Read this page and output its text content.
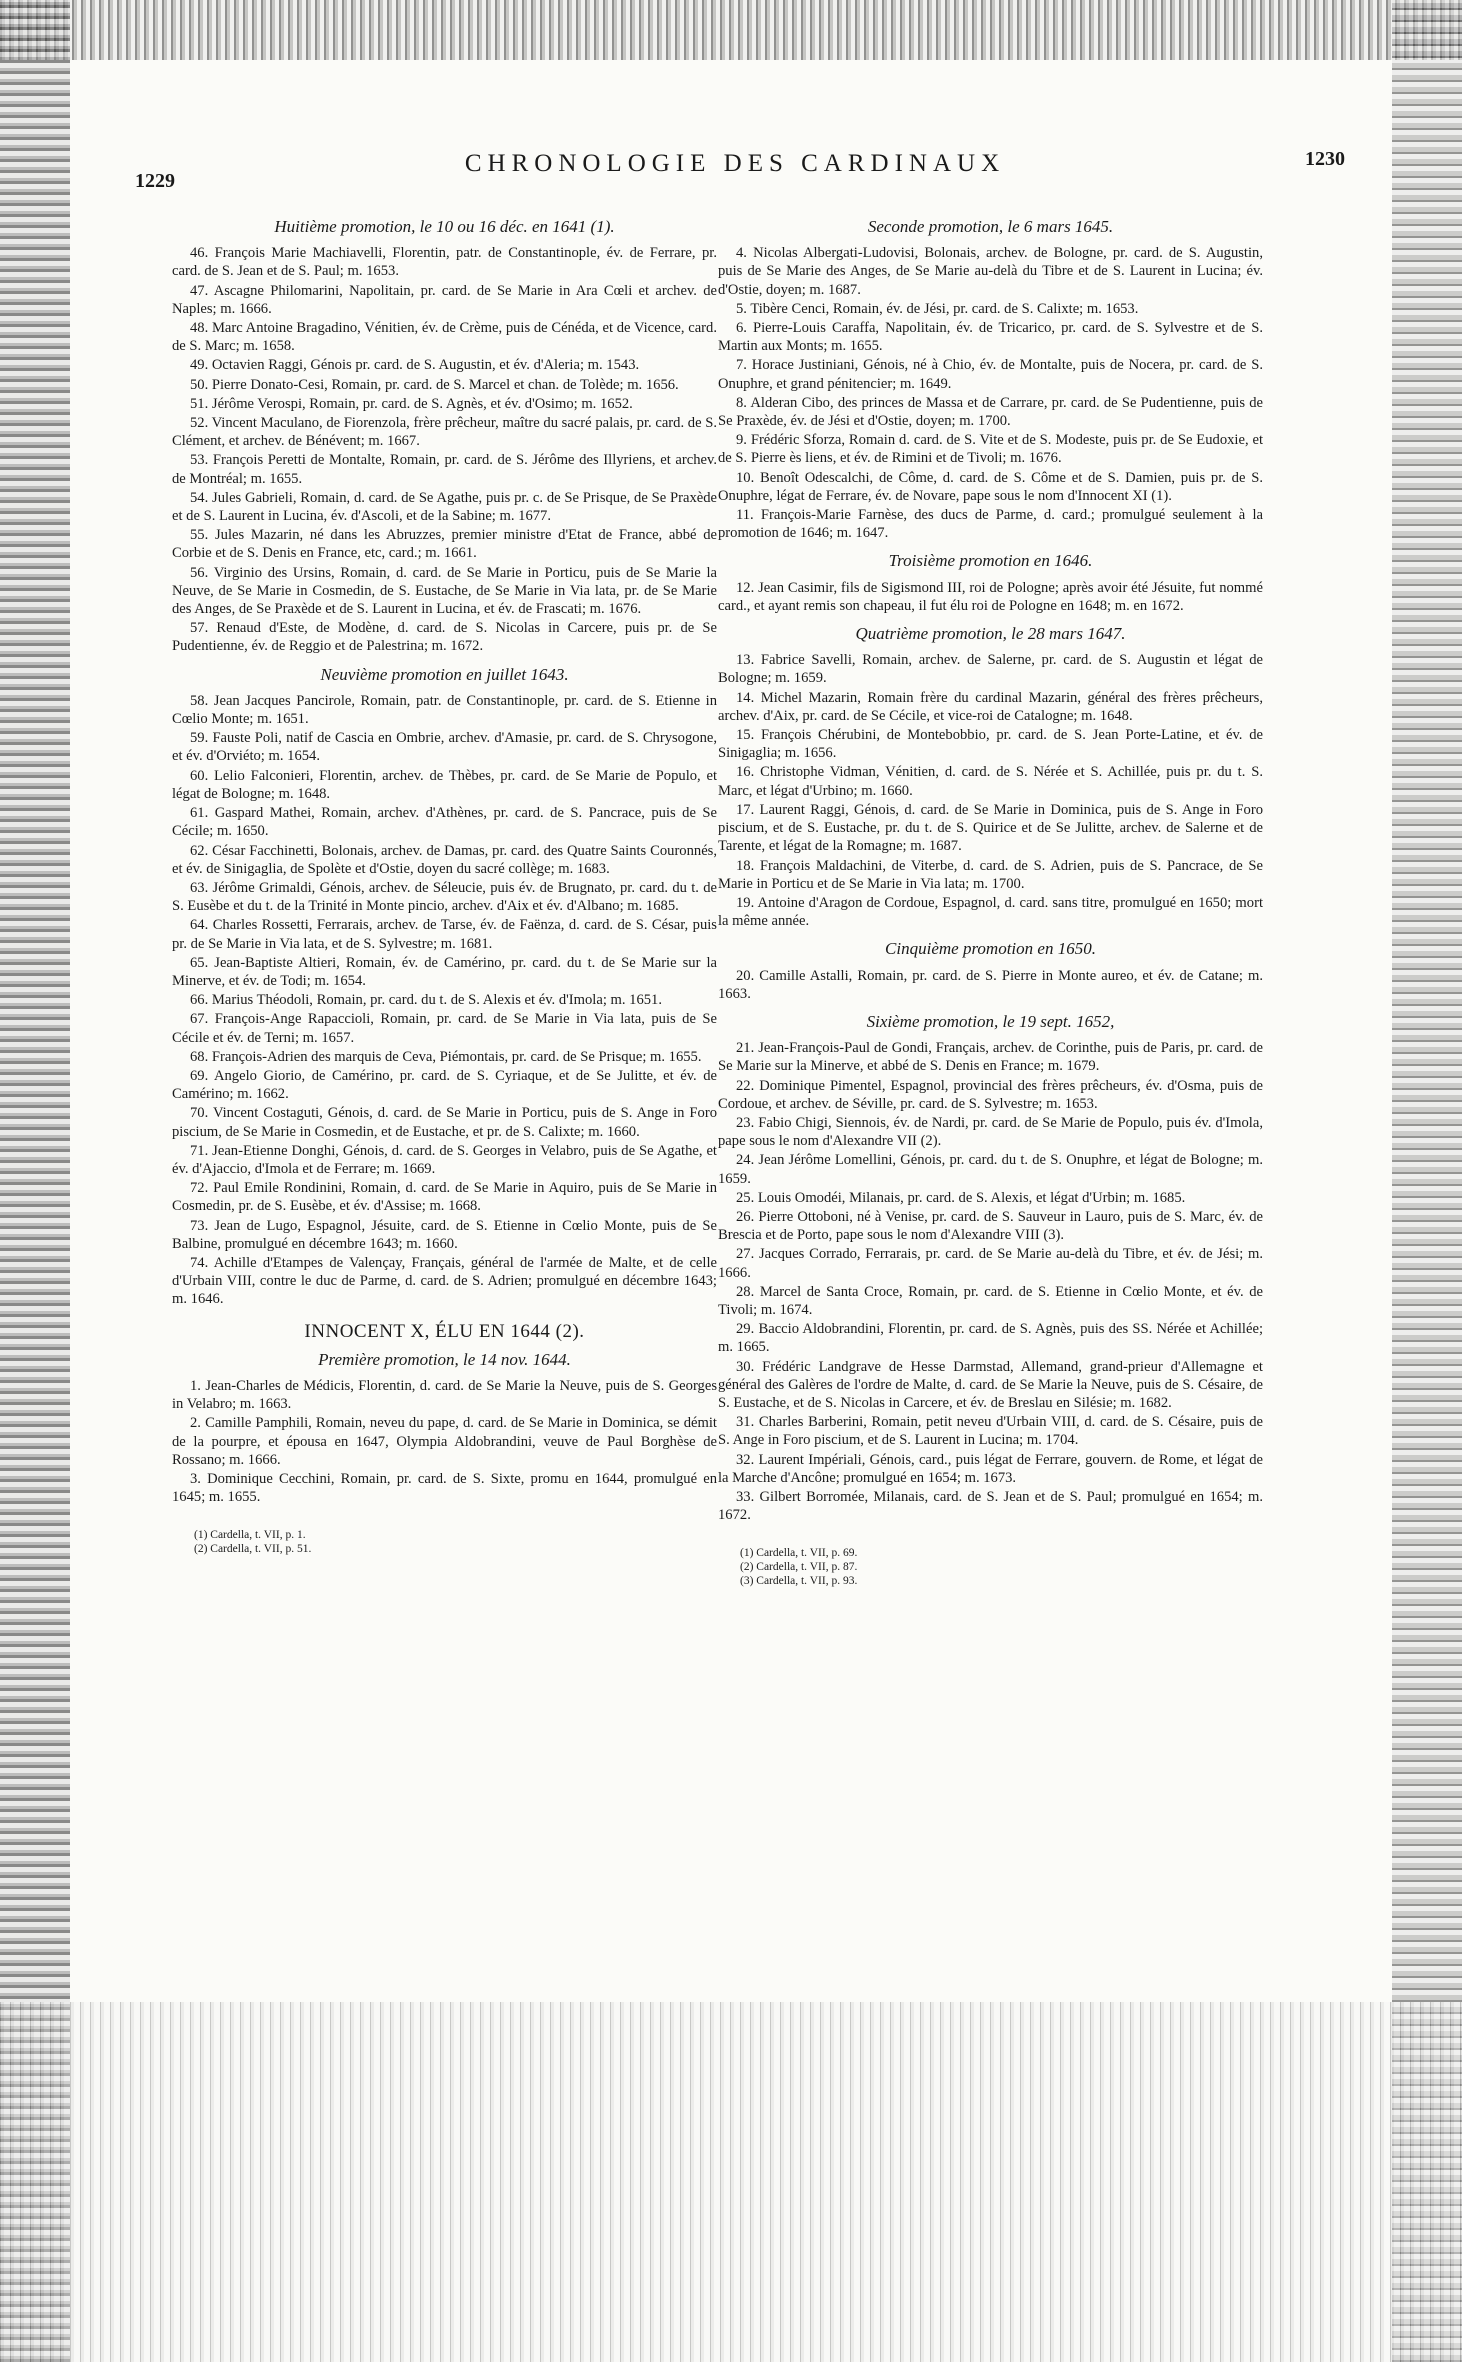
1229
CHRONOLOGIE DES CARDINAUX	1230
Huitième promotion, le 10 ou 16 déc. en 1641 (1).

46. François Marie Machiavelli, Florentin, patr. de Constantinople, év. de Ferrare, pr. card. de S. Jean et de S. Paul; m. 1653.

47. Ascagne Philomarini, Napolitain, pr. card. de Se Marie in Ara Cœli et archev. de Naples; m. 1666.

48. Marc Antoine Bragadino, Vénitien, év. de Crème, puis de Cénéda, et de Vicence, card. de S. Marc; m. 1658.

49. Octavien Raggi, Génois pr. card. de S. Augustin, et év. d'Aleria; m. 1543.

50. Pierre Donato-Cesi, Romain, pr. card. de S. Marcel et chan. de Tolède; m. 1656.

51. Jérôme Verospi, Romain, pr. card. de S. Agnès, et év. d'Osimo; m. 1652.

52. Vincent Maculano, de Fiorenzola, frère prêcheur, maître du sacré palais, pr. card. de S. Clément, et archev. de Bénévent; m. 1667.

53. François Peretti de Montalte, Romain, pr. card. de S. Jérôme des Illyriens, et archev. de Montréal; m. 1655.

54. Jules Gabrieli, Romain, d. card. de Se Agathe, puis pr. c. de Se Prisque, de Se Praxède et de S. Laurent in Lucina, év. d'Ascoli, et de la Sabine; m. 1677.

55. Jules Mazarin, né dans les Abruzzes, premier ministre d'Etat de France, abbé de Corbie et de S. Denis en France, etc, card.; m. 1661.

56. Virginio des Ursins, Romain, d. card. de Se Marie in Porticu, puis de Se Marie la Neuve, de Se Marie in Cosmedin, de S. Eustache, de Se Marie in Via lata, pr. de Se Marie des Anges, de Se Praxède et de S. Laurent in Lucina, et év. de Frascati; m. 1676.

57. Renaud d'Este, de Modène, d. card. de S. Nicolas in Carcere, puis pr. de Se Pudentienne, év. de Reggio et de Palestrina; m. 1672.

Neuvième promotion en juillet 1643.

58. Jean Jacques Pancirole, Romain, patr. de Constantinople, pr. card. de S. Etienne in Cœlio Monte; m. 1651.

59. Fauste Poli, natif de Cascia en Ombrie, archev. d'Amasie, pr. card. de S. Chrysogone, et év. d'Orviéto; m. 1654.

60. Lelio Falconieri, Florentin, archev. de Thèbes, pr. card. de Se Marie de Populo, et légat de Bologne; m. 1648.

61. Gaspard Mathei, Romain, archev. d'Athènes, pr. card. de S. Pancrace, puis de Se Cécile; m. 1650.

62. César Facchinetti, Bolonais, archev. de Damas, pr. card. des Quatre Saints Couronnés, et év. de Sinigaglia, de Spolète et d'Ostie, doyen du sacré collège; m. 1683.

63. Jérôme Grimaldi, Génois, archev. de Séleucie, puis év. de Brugnato, pr. card. du t. de S. Eusèbe et du t. de la Trinité in Monte pincio, archev. d'Aix et év. d'Albano; m. 1685.

64. Charles Rossetti, Ferrarais, archev. de Tarse, év. de Faënza, d. card. de S. César, puis pr. de Se Marie in Via lata, et de S. Sylvestre; m. 1681.

65. Jean-Baptiste Altieri, Romain, év. de Camérino, pr. card. du t. de Se Marie sur la Minerve, et év. de Todi; m. 1654.

66. Marius Théodoli, Romain, pr. card. du t. de S. Alexis et év. d'Imola; m. 1651.

67. François-Ange Rapaccioli, Romain, pr. card. de Se Marie in Via lata, puis de Se Cécile et év. de Terni; m. 1657.

68. François-Adrien des marquis de Ceva, Piémontais, pr. card. de Se Prisque; m. 1655.

69. Angelo Giorio, de Camérino, pr. card. de S. Cyriaque, et de Se Julitte, et év. de Camérino; m. 1662.

70. Vincent Costaguti, Génois, d. card. de Se Marie in Porticu, puis de S. Ange in Foro piscium, de Se Marie in Cosmedin, et de Eustache, et pr. de S. Calixte; m. 1660.

71. Jean-Etienne Donghi, Génois, d. card. de S. Georges in Velabro, puis de Se Agathe, et év. d'Ajaccio, d'Imola et de Ferrare; m. 1669.

72. Paul Emile Rondinini, Romain, d. card. de Se Marie in Aquiro, puis de Se Marie in Cosmedin, pr. de S. Eusèbe, et év. d'Assise; m. 1668.

73. Jean de Lugo, Espagnol, Jésuite, card. de S. Etienne in Cœlio Monte, puis de Se Balbine, promulgué en décembre 1643; m. 1660.

74. Achille d'Etampes de Valençay, Français, général de l'armée de Malte, et de celle d'Urbain VIII, contre le duc de Parme, d. card. de S. Adrien; promulgué en décembre 1643; m. 1646.

INNOCENT X, ÉLU EN 1644 (2).
Première promotion, le 14 nov. 1644.

1. Jean-Charles de Médicis, Florentin, d. card. de Se Marie la Neuve, puis de S. Georges in Velabro; m. 1663.

2. Camille Pamphili, Romain, neveu du pape, d. card. de Se Marie in Dominica, se démit de la pourpre, et épousa en 1647, Olympia Aldobrandini, veuve de Paul Borghèse de Rossano; m. 1666.

3. Dominique Cecchini, Romain, pr. card. de S. Sixte, promu en 1644, promulgué en 1645; m. 1655.

(1) Cardella, t. VII, p. 1.

(2) Cardella, t. VII, p. 51.

Seconde promotion, le 6 mars 1645.

4. Nicolas Albergati-Ludovisi, Bolonais, archev. de Bologne, pr. card. de S. Augustin, puis de Se Marie des Anges, de Se Marie au-delà du Tibre et de S. Laurent in Lucina; év. d'Ostie, doyen; m. 1687.

5. Tibère Cenci, Romain, év. de Jési, pr. card. de S. Calixte; m. 1653.

6. Pierre-Louis Caraffa, Napolitain, év. de Tricarico, pr. card. de S. Sylvestre et de S. Martin aux Monts; m. 1655.

7. Horace Justiniani, Génois, né à Chio, év. de Montalte, puis de Nocera, pr. card. de S. Onuphre, et grand pénitencier; m. 1649.

8. Alderan Cibo, des princes de Massa et de Carrare, pr. card. de Se Pudentienne, puis de Se Praxède, év. de Jési et d'Ostie, doyen; m. 1700.

9. Frédéric Sforza, Romain d. card. de S. Vite et de S. Modeste, puis pr. de Se Eudoxie, et de S. Pierre ès liens, et év. de Rimini et de Tivoli; m. 1676.

10. Benoît Odescalchi, de Côme, d. card. de S. Côme et de S. Damien, puis pr. de S. Onuphre, légat de Ferrare, év. de Novare, pape sous le nom d'Innocent XI (1).

11. François-Marie Farnèse, des ducs de Parme, d. card.; promulgué seulement à la promotion de 1646; m. 1647.

Troisième promotion en 1646.

12. Jean Casimir, fils de Sigismond III, roi de Pologne; après avoir été Jésuite, fut nommé card., et ayant remis son chapeau, il fut élu roi de Pologne en 1648; m. en 1672.

Quatrième promotion, le 28 mars 1647.

13. Fabrice Savelli, Romain, archev. de Salerne, pr. card. de S. Augustin et légat de Bologne; m. 1659.

14. Michel Mazarin, Romain frère du cardinal Mazarin, général des frères prêcheurs, archev. d'Aix, pr. card. de Se Cécile, et vice-roi de Catalogne; m. 1648.

15. François Chérubini, de Montebobbio, pr. card. de S. Jean Porte-Latine, et év. de Sinigaglia; m. 1656.

16. Christophe Vidman, Vénitien, d. card. de S. Nérée et S. Achillée, puis pr. du t. S. Marc, et légat d'Urbino; m. 1660.

17. Laurent Raggi, Génois, d. card. de Se Marie in Dominica, puis de S. Ange in Foro piscium, et de S. Eustache, pr. du t. de S. Quirice et de Se Julitte, archev. de Salerne et de Tarente, et légat de la Romagne; m. 1687.

18. François Maldachini, de Viterbe, d. card. de S. Adrien, puis de S. Pancrace, de Se Marie in Porticu et de Se Marie in Via lata; m. 1700.

19. Antoine d'Aragon de Cordoue, Espagnol, d. card. sans titre, promulgué en 1650; mort la même année.

Cinquième promotion en 1650.

20. Camille Astalli, Romain, pr. card. de S. Pierre in Monte aureo, et év. de Catane; m. 1663.

Sixième promotion, le 19 sept. 1652,

21. Jean-François-Paul de Gondi, Français, archev. de Corinthe, puis de Paris, pr. card. de Se Marie sur la Minerve, et abbé de S. Denis en France; m. 1679.

22. Dominique Pimentel, Espagnol, provincial des frères prêcheurs, év. d'Osma, puis de Cordoue, et archev. de Séville, pr. card. de S. Sylvestre; m. 1653.

23. Fabio Chigi, Siennois, év. de Nardi, pr. card. de Se Marie de Populo, puis év. d'Imola, pape sous le nom d'Alexandre VII (2).

24. Jean Jérôme Lomellini, Génois, pr. card. du t. de S. Onuphre, et légat de Bologne; m. 1659.

25. Louis Omodéi, Milanais, pr. card. de S. Alexis, et légat d'Urbin; m. 1685.

26. Pierre Ottoboni, né à Venise, pr. card. de S. Sauveur in Lauro, puis de S. Marc, év. de Brescia et de Porto, pape sous le nom d'Alexandre VIII (3).

27. Jacques Corrado, Ferrarais, pr. card. de Se Marie au-delà du Tibre, et év. de Jési; m. 1666.

28. Marcel de Santa Croce, Romain, pr. card. de S. Etienne in Cœlio Monte, et év. de Tivoli; m. 1674.

29. Baccio Aldobrandini, Florentin, pr. card. de S. Agnès, puis des SS. Nérée et Achillée; m. 1665.

30. Frédéric Landgrave de Hesse Darmstad, Allemand, grand-prieur d'Allemagne et général des Galères de l'ordre de Malte, d. card. de Se Marie la Neuve, puis de S. Césaire, de S. Eustache, et de S. Nicolas in Carcere, et év. de Breslau en Silésie; m. 1682.

31. Charles Barberini, Romain, petit neveu d'Urbain VIII, d. card. de S. Césaire, puis de S. Ange in Foro piscium, et de S. Laurent in Lucina; m. 1704.

32. Laurent Impériali, Génois, card., puis légat de Ferrare, gouvern. de Rome, et légat de la Marche d'Ancône; promulgué en 1654; m. 1673.

33. Gilbert Borromée, Milanais, card. de S. Jean et de S. Paul; promulgué en 1654; m. 1672.

(1) Cardella, t. VII, p. 69.

(2) Cardella, t. VII, p. 87.

(3) Cardella, t. VII, p. 93.
